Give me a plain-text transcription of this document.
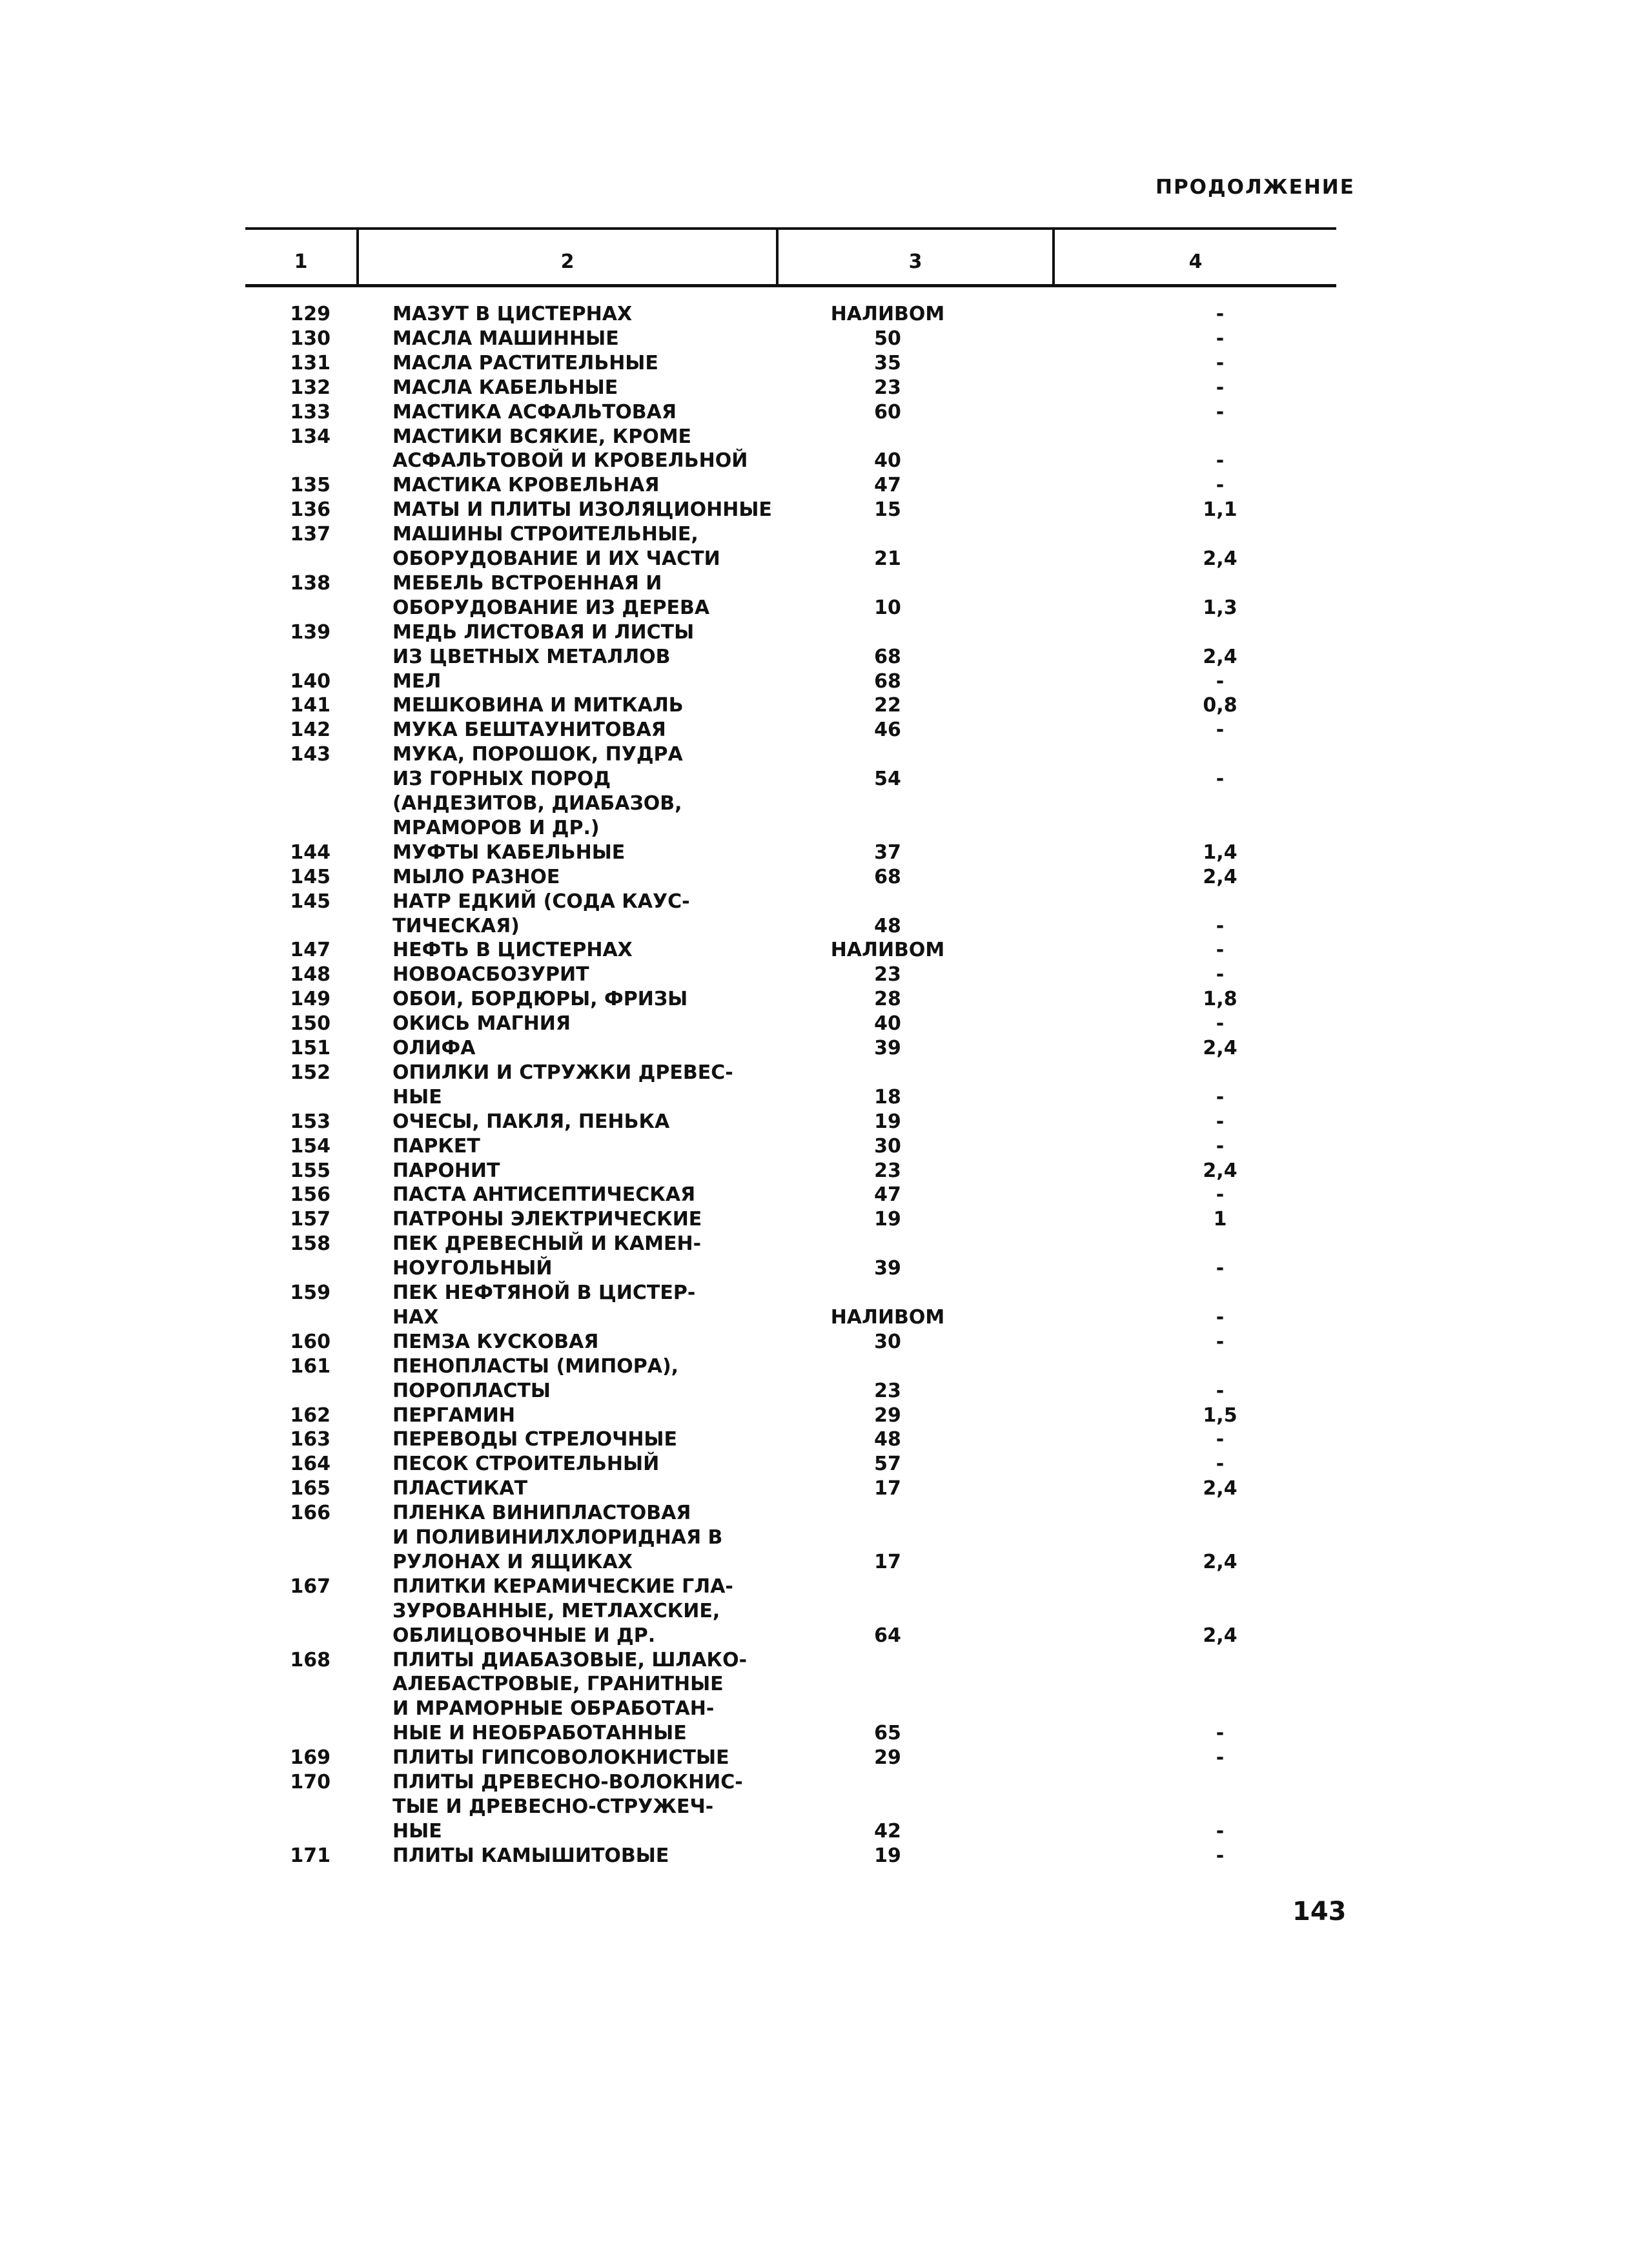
ПРОДОЛЖЕНИЕ
1	2	3	4
129	МАЗУТ В ЦИСТЕРНАХ	НАЛИВОМ	-
130	МАСЛА МАШИННЫЕ	50	-
131	МАСЛА РАСТИТЕЛЬНЫЕ	35	-
132	МАСЛА КАБЕЛЬНЫЕ	23	-
133	МАСТИКА АСФАЛЬТОВАЯ	60	-
134	МАСТИКИ ВСЯКИЕ, КРОМЕ
АСФАЛЬТОВОЙ И КРОВЕЛЬНОЙ	40	-
135	МАСТИКА КРОВЕЛЬНАЯ	47	-
136	МАТЫ И ПЛИТЫ ИЗОЛЯЦИОННЫЕ	15	1,1
137	МАШИНЫ СТРОИТЕЛЬНЫЕ,
ОБОРУДОВАНИЕ И ИХ ЧАСТИ	21	2,4
138	МЕБЕЛЬ ВСТРОЕННАЯ И
ОБОРУДОВАНИЕ ИЗ ДЕРЕВА	10	1,3
139	МЕДЬ ЛИСТОВАЯ И ЛИСТЫ
ИЗ ЦВЕТНЫХ МЕТАЛЛОВ	68	2,4
140	МЕЛ	68	-
141	МЕШКОВИНА И МИТКАЛЬ	22	0,8
142	МУКА БЕШТАУНИТОВАЯ	46	-
143	МУКА, ПОРОШОК, ПУДРА
ИЗ ГОРНЫХ ПОРОД	54	-
(АНДЕЗИТОВ, ДИАБАЗОВ,
МРАМОРОВ И ДР.)
144	МУФТЫ КАБЕЛЬНЫЕ	37	1,4
145	МЫЛО РАЗНОЕ	68	2,4
145	НАТР ЕДКИЙ (СОДА КАУС-
ТИЧЕСКАЯ)	48	-
147	НЕФТЬ В ЦИСТЕРНАХ	НАЛИВОМ	-
148	НОВОАСБОЗУРИТ	23	-
149	ОБОИ, БОРДЮРЫ, ФРИЗЫ	28	1,8
150	ОКИСЬ МАГНИЯ	40	-
151	ОЛИФА	39	2,4
152	ОПИЛКИ И СТРУЖКИ ДРЕВЕС-
НЫЕ	18	-
153	ОЧЕСЫ, ПАКЛЯ, ПЕНЬКА	19	-
154	ПАРКЕТ	30	-
155	ПАРОНИТ	23	2,4
156	ПАСТА АНТИСЕПТИЧЕСКАЯ	47	-
157	ПАТРОНЫ ЭЛЕКТРИЧЕСКИЕ	19	1
158	ПЕК ДРЕВЕСНЫЙ И КАМЕН-
НОУГОЛЬНЫЙ	39	-
159	ПЕК НЕФТЯНОЙ В ЦИСТЕР-
НАХ	НАЛИВОМ	-
160	ПЕМЗА КУСКОВАЯ	30	-
161	ПЕНОПЛАСТЫ (МИПОРА),
ПОРОПЛАСТЫ	23	-
162	ПЕРГАМИН	29	1,5
163	ПЕРЕВОДЫ СТРЕЛОЧНЫЕ	48	-
164	ПЕСОК СТРОИТЕЛЬНЫЙ	57	-
165	ПЛАСТИКАТ	17	2,4
166	ПЛЕНКА ВИНИПЛАСТОВАЯ
И ПОЛИВИНИЛХЛОРИДНАЯ В
РУЛОНАХ И ЯЩИКАХ	17	2,4
167	ПЛИТКИ КЕРАМИЧЕСКИЕ ГЛА-
ЗУРОВАННЫЕ, МЕТЛАХСКИЕ,
ОБЛИЦОВОЧНЫЕ И ДР.	64	2,4
168	ПЛИТЫ ДИАБАЗОВЫЕ, ШЛАКО-
АЛЕБАСТРОВЫЕ, ГРАНИТНЫЕ
И МРАМОРНЫЕ ОБРАБОТАН-
НЫЕ И НЕОБРАБОТАННЫЕ	65	-
169	ПЛИТЫ ГИПСОВОЛОКНИСТЫЕ	29	-
170	ПЛИТЫ ДРЕВЕСНО-ВОЛОКНИС-
ТЫЕ И ДРЕВЕСНО-СТРУЖЕЧ-
НЫЕ	42	-
171	ПЛИТЫ КАМЫШИТОВЫЕ	19	-
143
